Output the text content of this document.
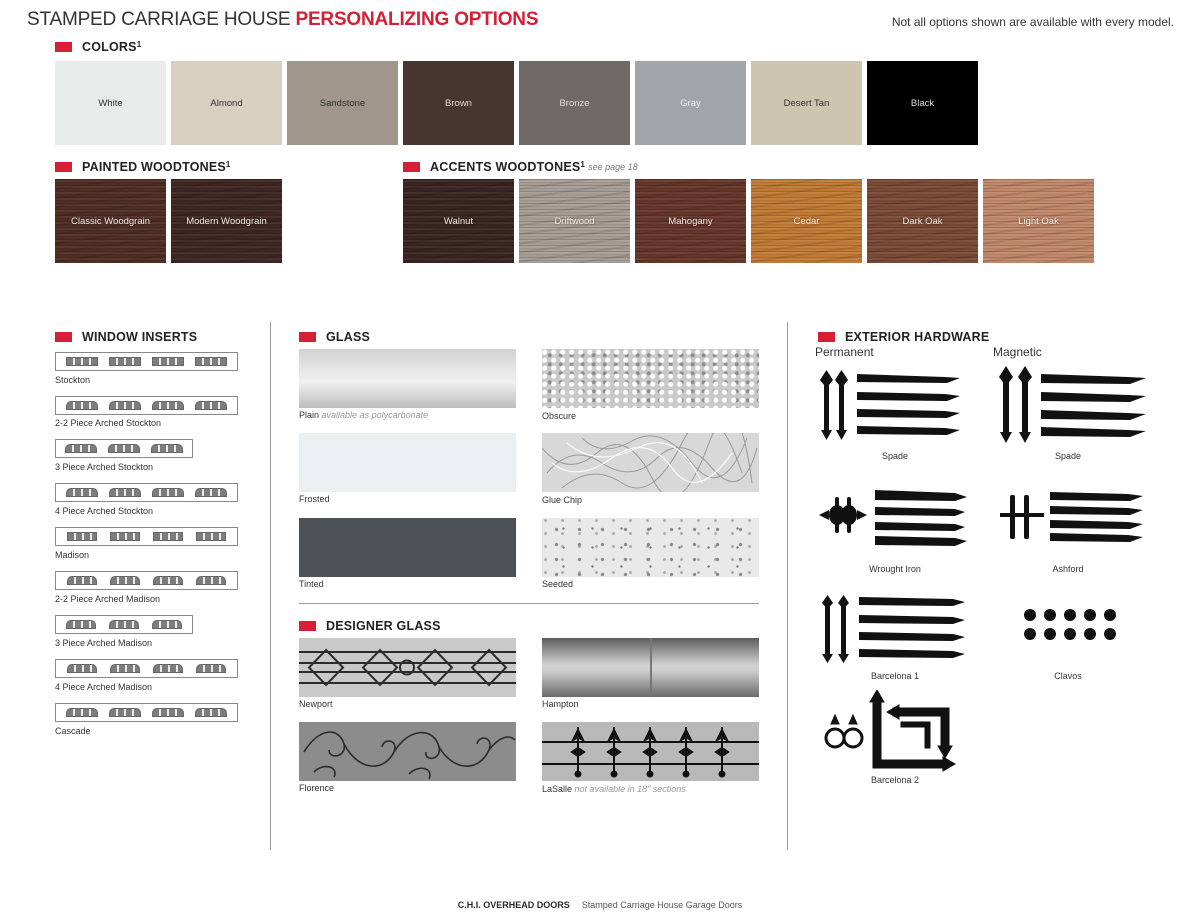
STAMPED CARRIAGE HOUSE PERSONALIZING OPTIONS	Not all options shown are available with every model.
COLORS$^1$
White	Almond	Sandstone	Brown	Bronze	Gray	Desert Tan	Black
PAINTED WOODTONES$^1$
Classic Woodgrain	Modern Woodgrain
ACCENTS WOODTONES$^1$ see page 18
Walnut	Driftwood	Mahogany	Cedar	Dark Oak	Light Oak
WINDOW INSERTS
Stockton
2-2 Piece Arched Stockton
3 Piece Arched Stockton
4 Piece Arched Stockton
Madison
2-2 Piece Arched Madison
3 Piece Arched Madison
4 Piece Arched Madison
Cascade
GLASS
Plain available as polycarbonate	Obscure
Frosted	Glue Chip
Tinted	Seeded
DESIGNER GLASS
Newport	Hampton
Florence	LaSalle not available in 18" sections
EXTERIOR HARDWARE
Permanent	Magnetic
Spade	Spade
Wrought Iron	Ashford
Barcelona 1	Clavos
Barcelona 2
C.H.I. OVERHEAD DOORS Stamped Carriage House Garage Doors
